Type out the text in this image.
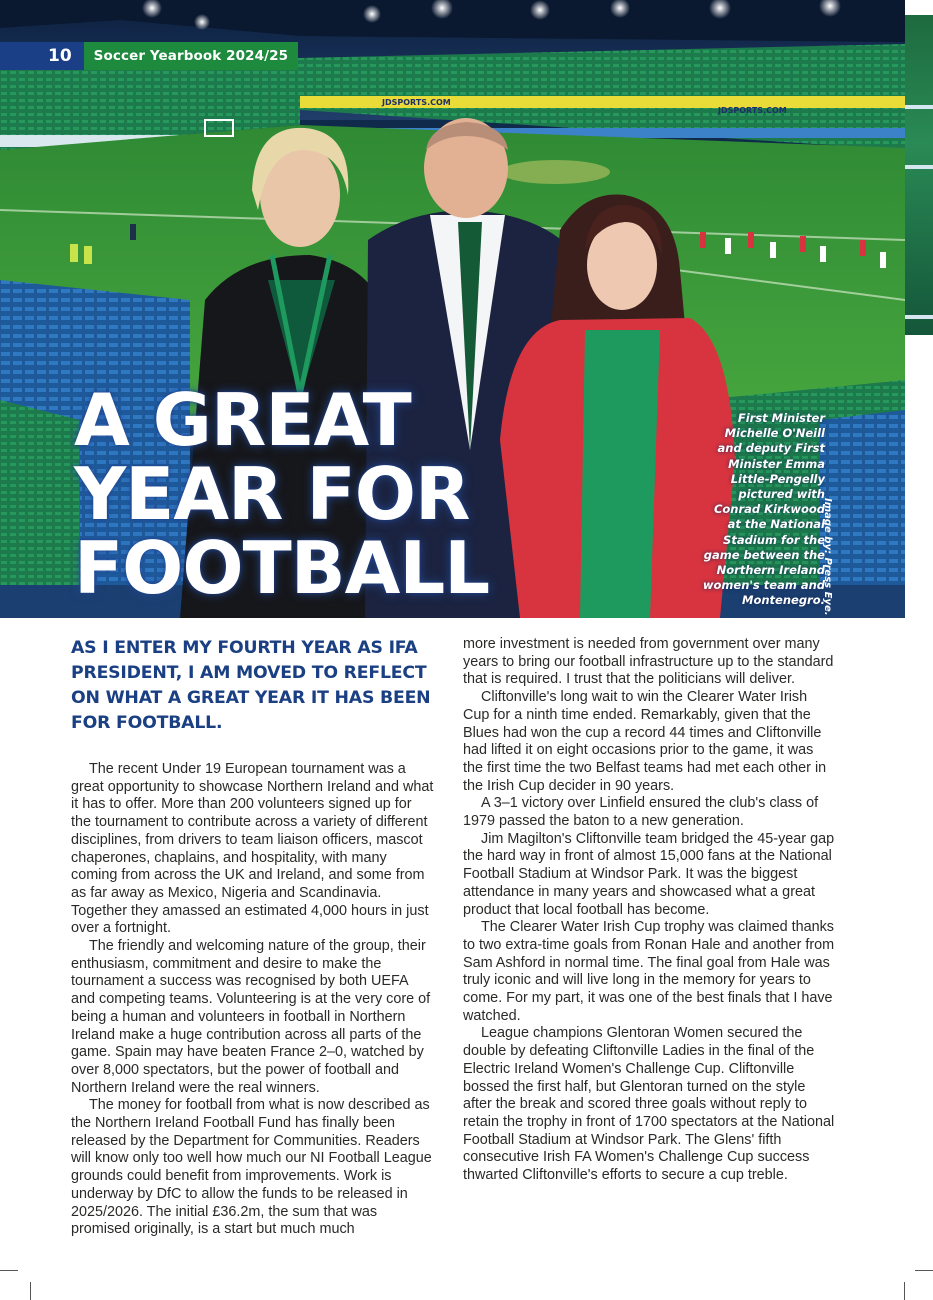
JDSPORTS.COM
JDSPORTS.COM
A GREAT
YEAR FOR
FOOTBALL
First Minister
Michelle O'Neill
and deputy First
Minister Emma
Little-Pengelly
pictured with
Conrad Kirkwood
at the National
Stadium for the
game between the
Northern Ireland
women's team and
Montenegro.
Image by: Press Eye.
10	Soccer Yearbook 2024/25
AS I ENTER MY FOURTH YEAR AS IFA PRESIDENT, I AM MOVED TO REFLECT ON WHAT A GREAT YEAR IT HAS BEEN FOR FOOTBALL.
The recent Under 19 European tournament was a great opportunity to showcase Northern Ireland and what it has to offer. More than 200 volunteers signed up for the tournament to contribute across a variety of different disciplines, from drivers to team liaison officers, mascot chaperones, chaplains, and hospitality, with many coming from across the UK and Ireland, and some from as far away as Mexico, Nigeria and Scandinavia. Together they amassed an estimated 4,000 hours in just over a fortnight.
The friendly and welcoming nature of the group, their enthusiasm, commitment and desire to make the tournament a success was recognised by both UEFA and competing teams. Volunteering is at the very core of being a human and volunteers in football in Northern Ireland make a huge contribution across all parts of the game. Spain may have beaten France 2–0, watched by over 8,000 spectators, but the power of football and Northern Ireland were the real winners.
The money for football from what is now described as the Northern Ireland Football Fund has finally been released by the Department for Communities. Readers will know only too well how much our NI Football League grounds could benefit from improvements. Work is underway by DfC to allow the funds to be released in 2025/2026. The initial £36.2m, the sum that was promised originally, is a start but much much
more investment is needed from government over many years to bring our football infrastructure up to the standard that is required. I trust that the politicians will deliver.
Cliftonville's long wait to win the Clearer Water Irish Cup for a ninth time ended. Remarkably, given that the Blues had won the cup a record 44 times and Cliftonville had lifted it on eight occasions prior to the game, it was the first time the two Belfast teams had met each other in the Irish Cup decider in 90 years.
A 3–1 victory over Linfield ensured the club's class of 1979 passed the baton to a new generation.
Jim Magilton's Cliftonville team bridged the 45-year gap the hard way in front of almost 15,000 fans at the National Football Stadium at Windsor Park. It was the biggest attendance in many years and showcased what a great product that local football has become.
The Clearer Water Irish Cup trophy was claimed thanks to two extra-time goals from Ronan Hale and another from Sam Ashford in normal time. The final goal from Hale was truly iconic and will live long in the memory for years to come. For my part, it was one of the best finals that I have watched.
League champions Glentoran Women secured the double by defeating Cliftonville Ladies in the final of the Electric Ireland Women's Challenge Cup. Cliftonville bossed the first half, but Glentoran turned on the style after the break and scored three goals without reply to retain the trophy in front of 1700 spectators at the National Football Stadium at Windsor Park. The Glens' fifth consecutive Irish FA Women's Challenge Cup success thwarted Cliftonville's efforts to secure a cup treble.
